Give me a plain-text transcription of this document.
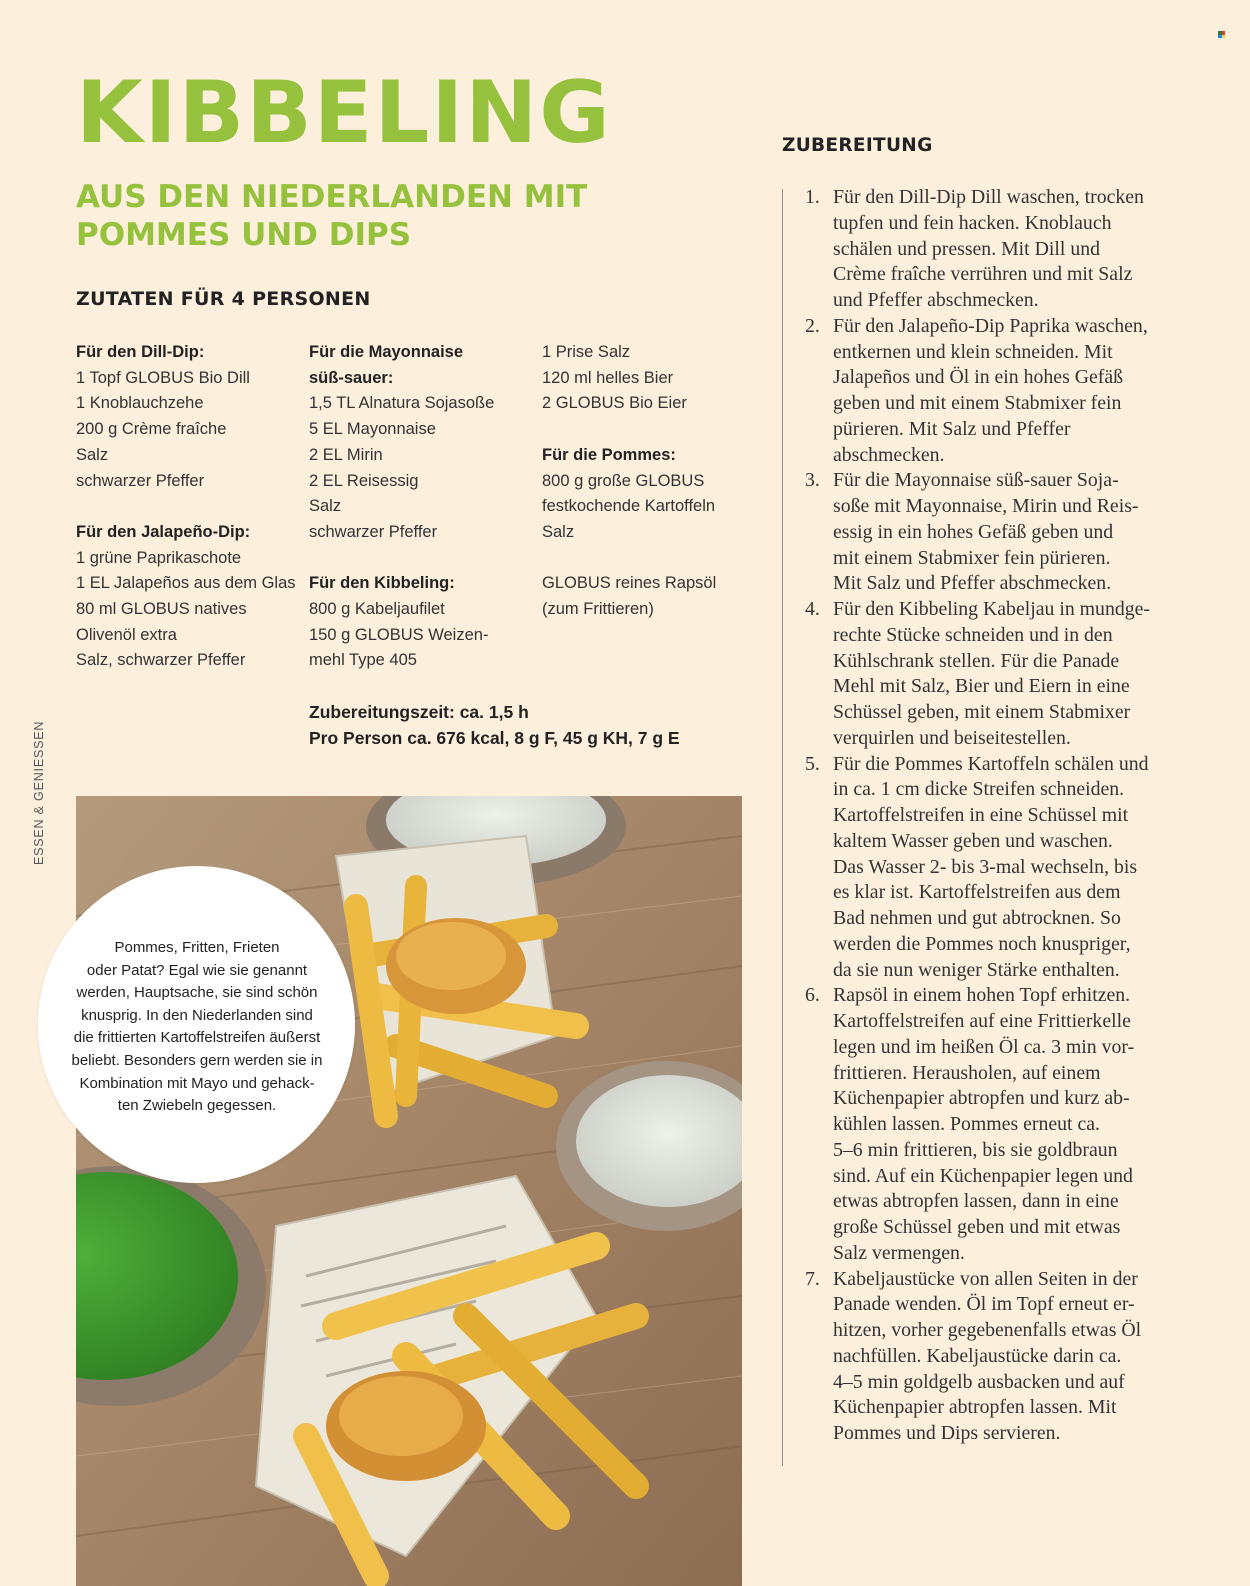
KIBBELING
AUS DEN NIEDERLANDEN MIT
POMMES UND DIPS
ZUTATEN FÜR 4 PERSONEN
Für den Dill-Dip:
1 Topf GLOBUS Bio Dill
1 Knoblauchzehe
200 g Crème fraîche
Salz
schwarzer Pfeffer
Für den Jalapeño-Dip:
1 grüne Paprikaschote
1 EL Jalapeños aus dem Glas
80 ml GLOBUS natives
Olivenöl extra
Salz, schwarzer Pfeffer
Für die Mayonnaise
süß-sauer:
1,5 TL Alnatura Sojasoße
5 EL Mayonnaise
2 EL Mirin
2 EL Reisessig
Salz
schwarzer Pfeffer
Für den Kibbeling:
800 g Kabeljaufilet
150 g GLOBUS Weizen-
mehl Type 405
1 Prise Salz
120 ml helles Bier
2 GLOBUS Bio Eier
Für die Pommes:
800 g große GLOBUS
festkochende Kartoffeln
Salz
GLOBUS reines Rapsöl
(zum Frittieren)
Zubereitungszeit: ca. 1,5 h
Pro Person ca. 676 kcal, 8 g F, 45 g KH, 7 g E
ESSEN & GENIESSEN
Pommes, Fritten, Frieten
oder Patat? Egal wie sie genannt
werden, Hauptsache, sie sind schön
knusprig. In den Niederlanden sind
die frittierten Kartoffelstreifen äußerst
beliebt. Besonders gern werden sie in
Kombination mit Mayo und gehack-
ten Zwiebeln gegessen.
ZUBEREITUNG
1. Für den Dill-Dip Dill waschen, trocken
tupfen und fein hacken. Knoblauch
schälen und pressen. Mit Dill und
Crème fraîche verrühren und mit Salz
und Pfeffer abschmecken.
2. Für den Jalapeño-Dip Paprika waschen,
entkernen und klein schneiden. Mit
Jalapeños und Öl in ein hohes Gefäß
geben und mit einem Stabmixer fein
pürieren. Mit Salz und Pfeffer
abschmecken.
3. Für die Mayonnaise süß-sauer Soja-
soße mit Mayonnaise, Mirin und Reis-
essig in ein hohes Gefäß geben und
mit einem Stabmixer fein pürieren.
Mit Salz und Pfeffer abschmecken.
4. Für den Kibbeling Kabeljau in mundge-
rechte Stücke schneiden und in den
Kühlschrank stellen. Für die Panade
Mehl mit Salz, Bier und Eiern in eine
Schüssel geben, mit einem Stabmixer
verquirlen und beiseitestellen.
5. Für die Pommes Kartoffeln schälen und
in ca. 1 cm dicke Streifen schneiden.
Kartoffelstreifen in eine Schüssel mit
kaltem Wasser geben und waschen.
Das Wasser 2- bis 3-mal wechseln, bis
es klar ist. Kartoffelstreifen aus dem
Bad nehmen und gut abtrocknen. So
werden die Pommes noch knuspriger,
da sie nun weniger Stärke enthalten.
6. Rapsöl in einem hohen Topf erhitzen.
Kartoffelstreifen auf eine Frittierkelle
legen und im heißen Öl ca. 3 min vor-
frittieren. Herausholen, auf einem
Küchenpapier abtropfen und kurz ab-
kühlen lassen. Pommes erneut ca.
5–6 min frittieren, bis sie goldbraun
sind. Auf ein Küchenpapier legen und
etwas abtropfen lassen, dann in eine
große Schüssel geben und mit etwas
Salz vermengen.
7. Kabeljaustücke von allen Seiten in der
Panade wenden. Öl im Topf erneut er-
hitzen, vorher gegebenenfalls etwas Öl
nachfüllen. Kabeljaustücke darin ca.
4–5 min goldgelb ausbacken und auf
Küchenpapier abtropfen lassen. Mit
Pommes und Dips servieren.
